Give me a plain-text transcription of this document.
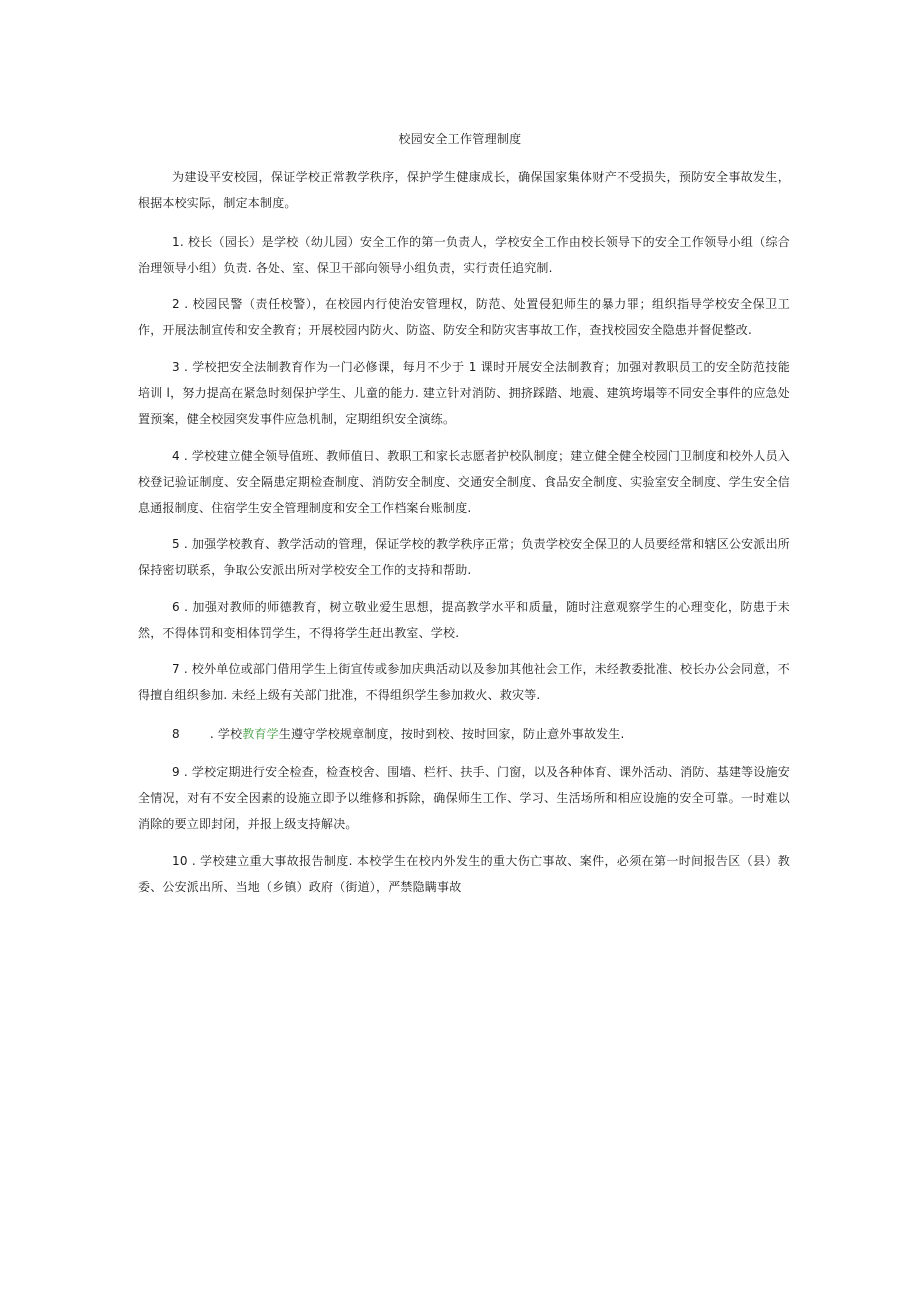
校园安全工作管理制度
为建设平安校园，保证学校正常教学秩序，保护学生健康成长，确保国家集体财产不受损失，预防安全事故发生，根据本校实际，制定本制度。
1. 校长（园长）是学校（幼儿园）安全工作的第一负责人，学校安全工作由校长领导下的安全工作领导小组（综合治理领导小组）负责. 各处、室、保卫干部向领导小组负责，实行责任追究制.
2 . 校园民警（责任校警），在校园内行使治安管理权，防范、处置侵犯师生的暴力罪；组织指导学校安全保卫工作，开展法制宣传和安全教育；开展校园内防火、防盗、防安全和防灾害事故工作，查找校园安全隐患并督促整改.
3 . 学校把安全法制教育作为一门必修课，每月不少于 1 课时开展安全法制教育；加强对教职员工的安全防范技能培训 l，努力提高在紧急时刻保护学生、儿童的能力. 建立针对消防、拥挤踩踏、地震、建筑垮塌等不同安全事件的应急处置预案，健全校园突发事件应急机制，定期组织安全演练。
4 . 学校建立健全领导值班、教师值日、教职工和家长志愿者护校队制度；建立健全健全校园门卫制度和校外人员入校登记验证制度、安全隔患定期检查制度、消防安全制度、交通安全制度、食品安全制度、实验室安全制度、学生安全信息通报制度、住宿学生安全管理制度和安全工作档案台账制度.
5 . 加强学校教育、教学活动的管理，保证学校的教学秩序正常；负责学校安全保卫的人员要经常和辖区公安派出所保持密切联系，争取公安派出所对学校安全工作的支持和帮助.
6 . 加强对教师的师德教育，树立敬业爱生思想，提高教学水平和质量，随时注意观察学生的心理变化，防患于未然，不得体罚和变相体罚学生，不得将学生赶出教室、学校.
7 . 校外单位或部门借用学生上街宣传或参加庆典活动以及参加其他社会工作，未经教委批准、校长办公会同意，不得擅自组织参加. 未经上级有关部门批准，不得组织学生参加救火、救灾等.
8	. 学校教育学生遵守学校规章制度，按时到校、按时回家，防止意外事故发生.
9 . 学校定期进行安全检查，检查校舍、围墙、栏杆、扶手、门窗，以及各种体育、课外活动、消防、基建等设施安全情况，对有不安全因素的设施立即予以维修和拆除，确保师生工作、学习、生活场所和相应设施的安全可靠。一时难以消除的要立即封闭，并报上级支持解决。
10 . 学校建立重大事故报告制度. 本校学生在校内外发生的重大伤亡事故、案件，必须在第一时间报告区（县）教委、公安派出所、当地（乡镇）政府（街道），严禁隐瞒事故
